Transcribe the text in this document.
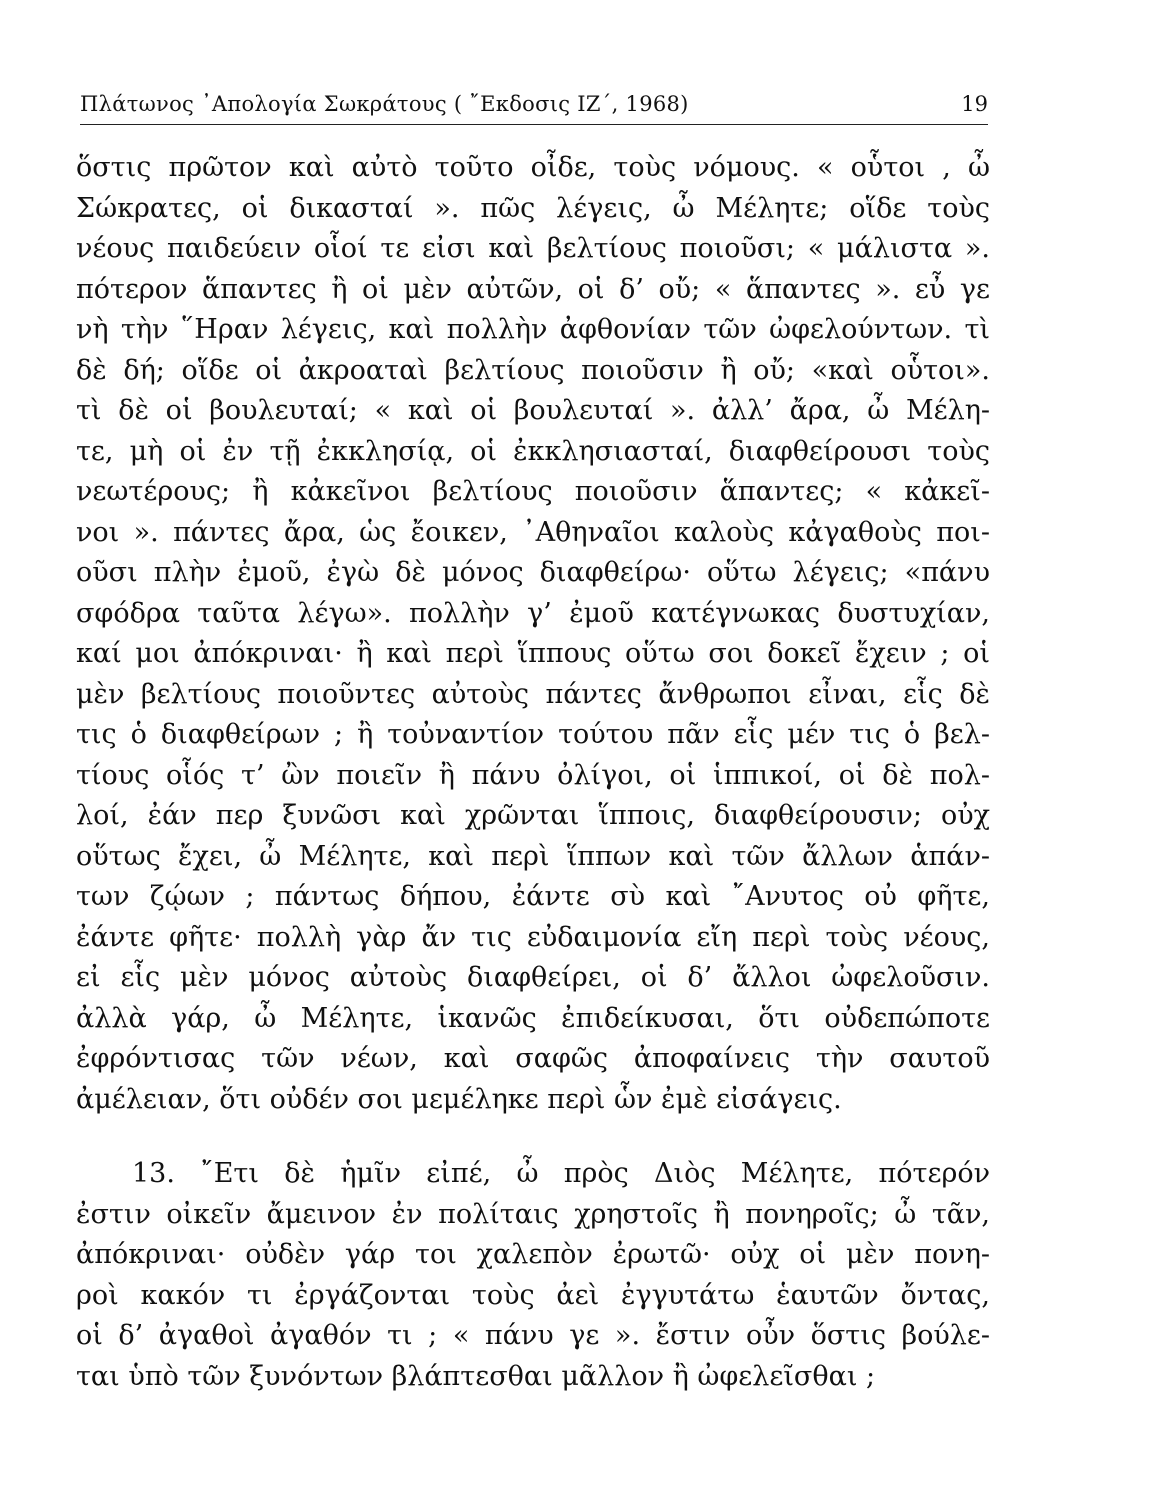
Πλάτωνος ᾿Απολογία Σωκράτους ( ῎Εκδοσις ΙΖ΄, 1968)	19
ὅστις πρῶτον καὶ αὐτὸ τοῦτο οἶδε, τοὺς νόμους. « οὗτοι , ὦ
Σώκρατες, οἱ δικασταί ». πῶς λέγεις, ὦ Μέλητε; οἵδε τοὺς
νέους παιδεύειν οἷοί τε εἰσι καὶ βελτίους ποιοῦσι; « μάλιστα ».
πότερον ἅπαντες ἢ οἱ μὲν αὐτῶν, οἱ δ’ οὔ; « ἅπαντες ». εὖ γε
νὴ τὴν ῞Ηραν λέγεις, καὶ πολλὴν ἀφθονίαν τῶν ὠφελούντων. τὶ
δὲ δή; οἵδε οἱ ἀκροαταὶ βελτίους ποιοῦσιν ἢ οὔ; «καὶ οὗτοι».
τὶ δὲ οἱ βουλευταί; « καὶ οἱ βουλευταί ». ἀλλ’ ἄρα, ὦ Μέλη-
τε, μὴ οἱ ἐν τῇ ἐκκλησίᾳ, οἱ ἐκκλησιασταί, διαφθείρουσι τοὺς
νεωτέρους; ἢ κἀκεῖνοι βελτίους ποιοῦσιν ἅπαντες; « κἀκεῖ-
νοι ». πάντες ἄρα, ὡς ἔοικεν, ᾿Αθηναῖοι καλοὺς κἀγαθοὺς ποι-
οῦσι πλὴν ἐμοῦ, ἐγὼ δὲ μόνος διαφθείρω· οὕτω λέγεις; «πάνυ
σφόδρα ταῦτα λέγω». πολλὴν γ’ ἐμοῦ κατέγνωκας δυστυχίαν,
καί μοι ἀπόκριναι· ἢ καὶ περὶ ἵππους οὕτω σοι δοκεῖ ἔχειν ; οἱ
μὲν βελτίους ποιοῦντες αὐτοὺς πάντες ἄνθρωποι εἶναι, εἷς δὲ
τις ὁ διαφθείρων ; ἢ τοὐναντίον τούτου πᾶν εἷς μέν τις ὁ βελ-
τίους οἷός τ’ ὢν ποιεῖν ἢ πάνυ ὀλίγοι, οἱ ἱππικοί, οἱ δὲ πολ-
λοί, ἐάν περ ξυνῶσι καὶ χρῶνται ἵπποις, διαφθείρουσιν; οὐχ
οὕτως ἔχει, ὦ Μέλητε, καὶ περὶ ἵππων καὶ τῶν ἄλλων ἁπάν-
των ζῴων ; πάντως δήπου, ἐάντε σὺ καὶ ῎Ανυτος οὐ φῆτε,
ἐάντε φῆτε· πολλὴ γὰρ ἄν τις εὐδαιμονία εἴη περὶ τοὺς νέους,
εἰ εἷς μὲν μόνος αὐτοὺς διαφθείρει, οἱ δ’ ἄλλοι ὠφελοῦσιν.
ἀλλὰ γάρ, ὦ Μέλητε, ἱκανῶς ἐπιδείκυσαι, ὅτι οὐδεπώποτε
ἐφρόντισας τῶν νέων, καὶ σαφῶς ἀποφαίνεις τὴν σαυτοῦ
ἀμέλειαν, ὅτι οὐδέν σοι μεμέληκε περὶ ὧν ἐμὲ εἰσάγεις.
13. ῎Ετι δὲ ἡμῖν εἰπέ, ὦ πρὸς Διὸς Μέλητε, πότερόν
ἐστιν οἰκεῖν ἄμεινον ἐν πολίταις χρηστοῖς ἢ πονηροῖς; ὦ τᾶν,
ἀπόκριναι· οὐδὲν γάρ τοι χαλεπὸν ἐρωτῶ· οὐχ οἱ μὲν πονη-
ροὶ κακόν τι ἐργάζονται τοὺς ἀεὶ ἐγγυτάτω ἑαυτῶν ὄντας,
οἱ δ’ ἀγαθοὶ ἀγαθόν τι ; « πάνυ γε ». ἔστιν οὖν ὅστις βούλε-
ται ὑπὸ τῶν ξυνόντων βλάπτεσθαι μᾶλλον ἢ ὠφελεῖσθαι ;
